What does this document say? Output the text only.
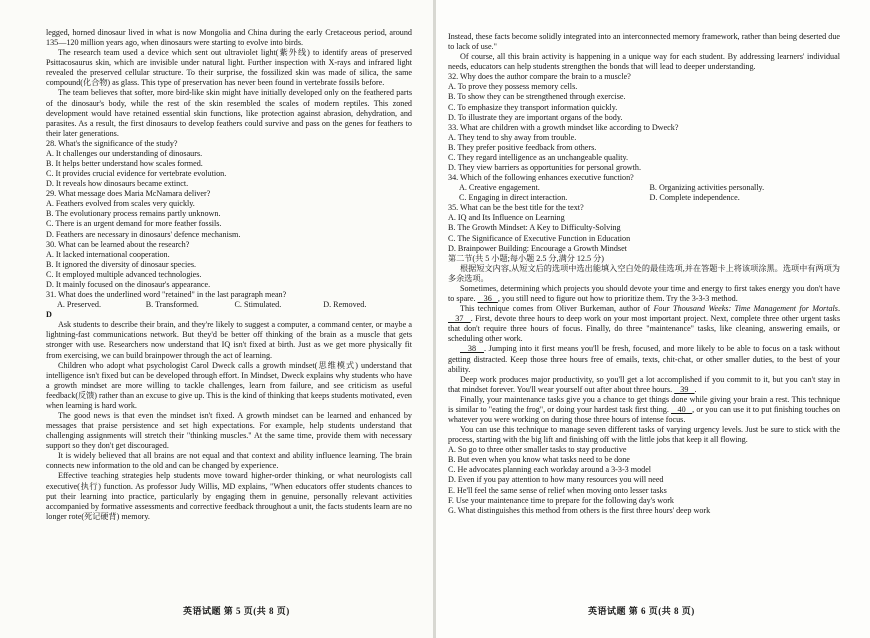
legged, horned dinosaur lived in what is now Mongolia and China during the early Cretaceous period, around 135—120 million years ago, when dinosaurs were starting to evolve into birds.

The research team used a device which sent out ultraviolet light(紫外线) to identify areas of preserved Psittacosaurus skin, which are invisible under natural light. Further inspection with X-rays and infrared light revealed the preserved cellular structure. To their surprise, the fossilized skin was made of silica, the same compound(化合物) as glass. This type of preservation has never been found in vertebrate fossils before.

The team believes that softer, more bird-like skin might have initially developed only on the feathered parts of the dinosaur's body, while the rest of the skin resembled the scales of modern reptiles. This zoned development would have retained essential skin functions, like protection against abrasion, dehydration, and parasites. As a result, the first dinosaurs to develop feathers could survive and pass on the genes for feathers to their later generations.

28. What's the significance of the study?

A. It challenges our understanding of dinosaurs.

B. It helps better understand how scales formed.

C. It provides crucial evidence for vertebrate evolution.

D. It reveals how dinosaurs became extinct.

29. What message does Maria McNamara deliver?

A. Feathers evolved from scales very quickly.

B. The evolutionary process remains partly unknown.

C. There is an urgent demand for more feather fossils.

D. Feathers are necessary in dinosaurs' defence mechanism.

30. What can be learned about the research?

A. It lacked international cooperation.

B. It ignored the diversity of dinosaur species.

C. It employed multiple advanced technologies.

D. It mainly focused on the dinosaur's appearance.

31. What does the underlined word "retained" in the last paragraph mean?

A. Preserved.	B. Transformed.	C. Stimulated.	D. Removed.

D

Ask students to describe their brain, and they're likely to suggest a computer, a command center, or maybe a lightning-fast communications network. But they'd be better off thinking of the brain as a muscle that gets stronger with use. Researchers now understand that IQ isn't fixed at birth. Just as we get more physically fit from exercising, we can build brainpower through the act of learning.

Children who adopt what psychologist Carol Dweck calls a growth mindset(思维模式) understand that intelligence isn't fixed but can be developed through effort. In Mindset, Dweck explains why students who have a growth mindset are more willing to tackle challenges, learn from failure, and see criticism as useful feedback(反馈) rather than an excuse to give up. This is the kind of thinking that keeps students motivated, even when learning is hard work.

The good news is that even the mindset isn't fixed. A growth mindset can be learned and enhanced by messages that praise persistence and set high expectations. For example, help students understand that challenging assignments will stretch their "thinking muscles." At the same time, provide them with necessary support so they don't get discouraged.

It is widely believed that all brains are not equal and that context and ability influence learning. The brain connects new information to the old and can be changed by experience.

Effective teaching strategies help students move toward higher-order thinking, or what neurologists call executive(执行) function. As professor Judy Willis, MD explains, "When educators offer students chances to put their learning into practice, particularly by engaging them in genuine, personally relevant activities accompanied by formative assessments and corrective feedback throughout a unit, the facts students learn are no longer rote(死记硬背) memory.

英语试题 第 5 页(共 8 页)

Instead, these facts become solidly integrated into an interconnected memory framework, rather than being deserted due to lack of use."

Of course, all this brain activity is happening in a unique way for each student. By addressing learners' individual needs, educators can help students strengthen the bonds that will lead to deeper understanding.

32. Why does the author compare the brain to a muscle?

A. To prove they possess memory cells.

B. To show they can be strengthened through exercise.

C. To emphasize they transport information quickly.

D. To illustrate they are important organs of the body.

33. What are children with a growth mindset like according to Dweck?

A. They tend to shy away from trouble.

B. They prefer positive feedback from others.

C. They regard intelligence as an unchangeable quality.

D. They view barriers as opportunities for personal growth.

34. Which of the following enhances executive function?

A. Creative engagement.	B. Organizing activities personally.
C. Engaging in direct interaction.	D. Complete independence.

35. What can be the best title for the text?

A. IQ and Its Influence on Learning

B. The Growth Mindset: A Key to Difficulty-Solving

C. The Significance of Executive Function in Education

D. Brainpower Building: Encourage a Growth Mindset

第二节(共 5 小题;每小题 2.5 分,满分 12.5 分)

根据短文内容,从短文后的选项中选出能填入空白处的最佳选项,并在答题卡上将该项涂黑。选项中有两项为多余选项。

Sometimes, determining which projects you should devote your time and energy to first takes energy you don't have to spare.    36   , you still need to figure out how to prioritize them. Try the 3-3-3 method.

This technique comes from Oliver Burkeman, author of Four Thousand Weeks: Time Management for Mortals.    37   . First, devote three hours to deep work on your most important project. Next, complete three other urgent tasks that don't require three hours of focus. Finally, do three "maintenance" tasks, like cleaning, answering emails, or scheduling other work.

38   . Jumping into it first means you'll be fresh, focused, and more likely to be able to focus on a task without getting distracted. Keep those three hours free of emails, texts, chit-chat, or other smaller duties, to the best of your ability.

Deep work produces major productivity, so you'll get a lot accomplished if you commit to it, but you can't stay in that mindset forever. You'll wear yourself out after about three hours.    39   .

Finally, your maintenance tasks give you a chance to get things done while giving your brain a rest. This technique is similar to "eating the frog", or doing your hardest task first thing.    40   , or you can use it to put finishing touches on whatever you were working on during those three hours of intense focus.

You can use this technique to manage seven different tasks of varying urgency levels. Just be sure to stick with the process, starting with the big lift and finishing off with the little jobs that keep it all flowing.

A. So go to three other smaller tasks to stay productive

B. But even when you know what tasks need to be done

C. He advocates planning each workday around a 3-3-3 model

D. Even if you pay attention to how many resources you will need

E. He'll feel the same sense of relief when moving onto lesser tasks

F. Use your maintenance time to prepare for the following day's work

G. What distinguishes this method from others is the first three hours' deep work

英语试题 第 6 页(共 8 页)
